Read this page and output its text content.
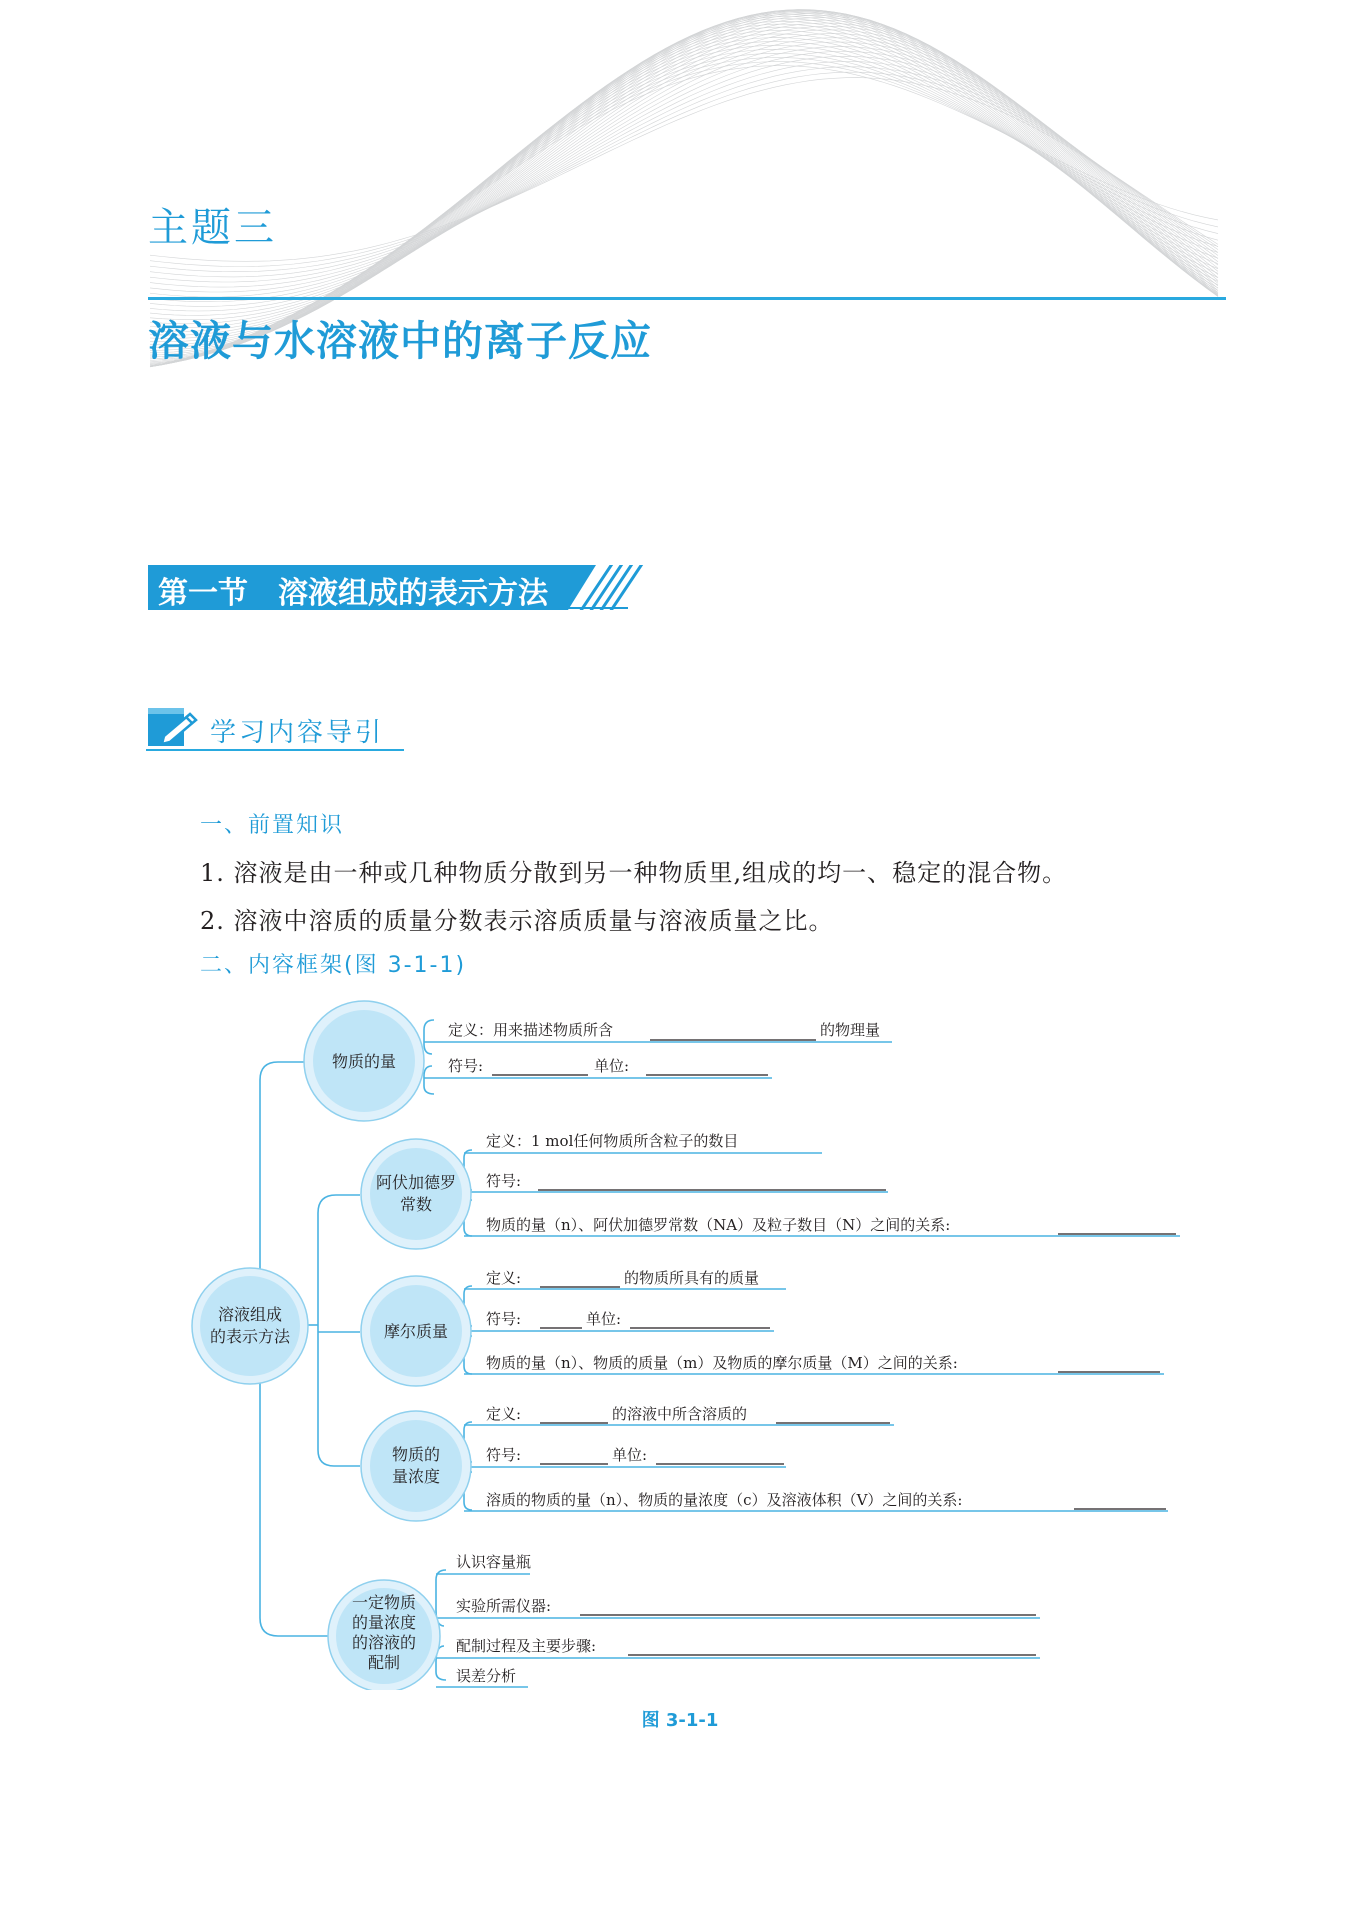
主题三
溶液与水溶液中的离子反应
第一节　溶液组成的表示方法
学习内容导引
一、前置知识
1. 溶液是由一种或几种物质分散到另一种物质里,组成的均一、稳定的混合物。
2. 溶液中溶质的质量分数表示溶质质量与溶液质量之比。
二、内容框架(图 3-1-1)
溶液组成
的表示方法
物质的量
阿伏加德罗
常数
摩尔质量
物质的
量浓度
一定物质
的量浓度
的溶液的
配制
定义：用来描述物质所含	的物理量
符号:	单位:
定义：1 mol任何物质所含粒子的数目
符号:
物质的量（n）、阿伏加德罗常数（NA）及粒子数目（N）之间的关系:
定义:	的物质所具有的质量
符号:	单位:
物质的量（n）、物质的质量（m）及物质的摩尔质量（M）之间的关系:
定义:	的溶液中所含溶质的
符号:	单位:
溶质的物质的量（n）、物质的量浓度（c）及溶液体积（V）之间的关系:
认识容量瓶
实验所需仪器:
配制过程及主要步骤:
误差分析
图 3-1-1
